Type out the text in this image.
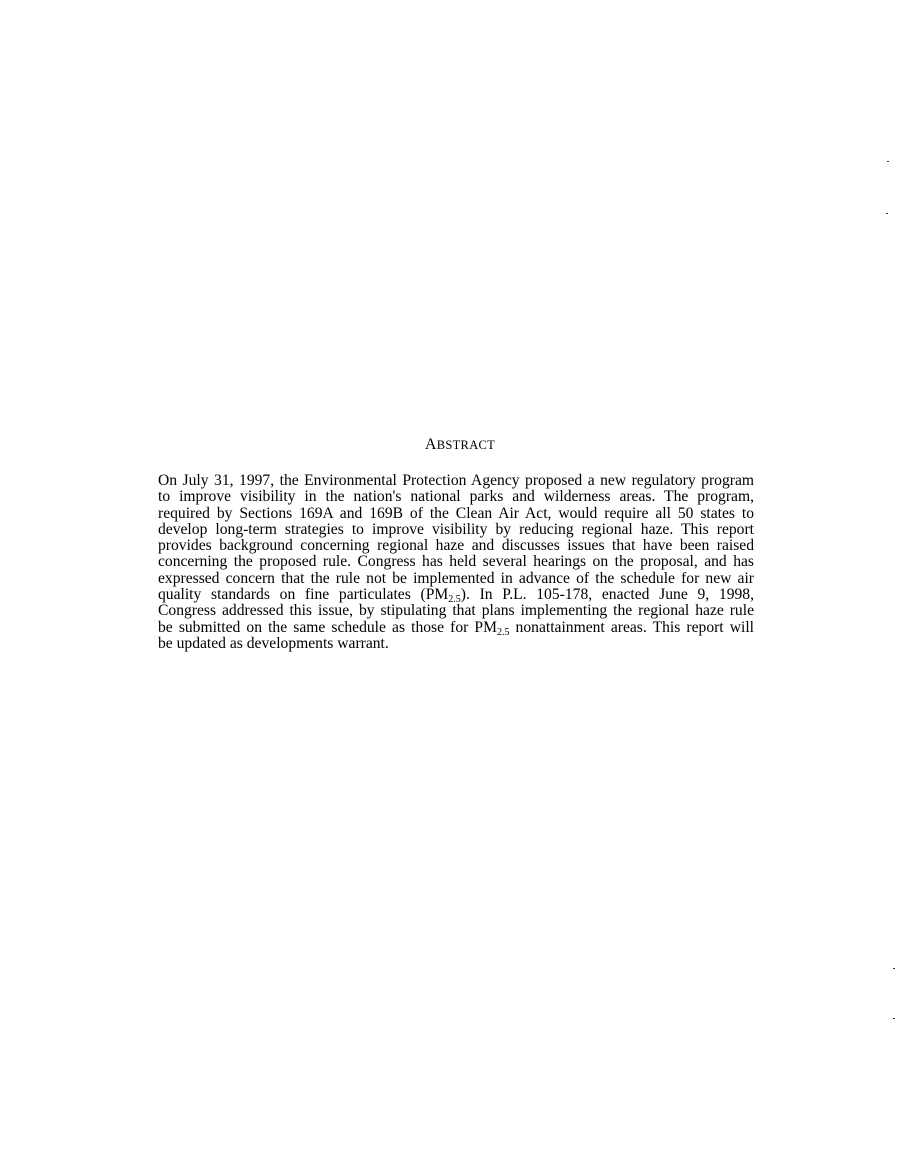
ABSTRACT
On July 31, 1997, the Environmental Protection Agency proposed a new regulatory program
to improve visibility in the nation's national parks and wilderness areas. The program,
required by Sections 169A and 169B of the Clean Air Act, would require all 50 states to
develop long-term strategies to improve visibility by reducing regional haze. This report
provides background concerning regional haze and discusses issues that have been raised
concerning the proposed rule. Congress has held several hearings on the proposal, and has
expressed concern that the rule not be implemented in advance of the schedule for new air
quality standards on fine particulates $(PM_{2.5})$. In P.L. 105-178, enacted June 9, 1998,
Congress addressed this issue, by stipulating that plans implementing the regional haze rule
be submitted on the same schedule as those for $PM_{2.5}$ nonattainment areas. This report will
be updated as developments warrant.
